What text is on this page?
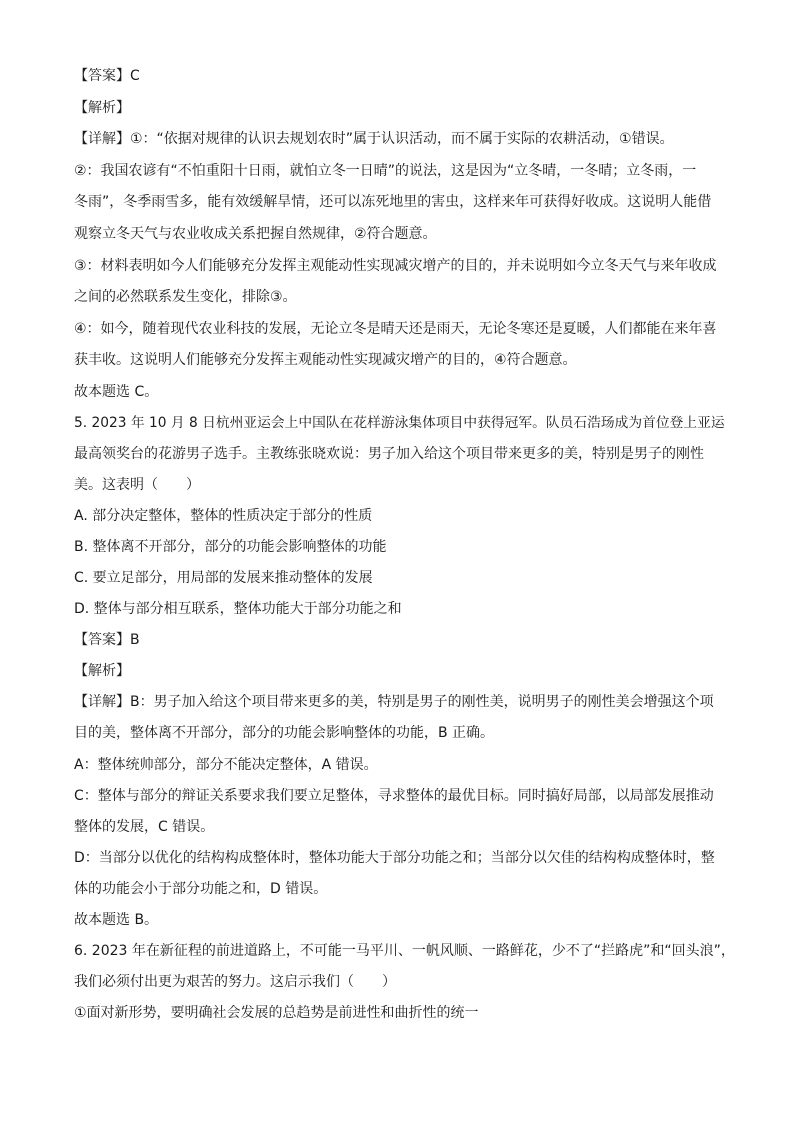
【答案】C
【解析】
【详解】①：“依据对规律的认识去规划农时”属于认识活动，而不属于实际的农耕活动，①错误。
②：我国农谚有“不怕重阳十日雨，就怕立冬一日晴”的说法，这是因为“立冬晴，一冬晴；立冬雨，一
冬雨”，冬季雨雪多，能有效缓解旱情，还可以冻死地里的害虫，这样来年可获得好收成。这说明人能借
观察立冬天气与农业收成关系把握自然规律，②符合题意。
③：材料表明如今人们能够充分发挥主观能动性实现减灾增产的目的，并未说明如今立冬天气与来年收成
之间的必然联系发生变化，排除③。
④：如今，随着现代农业科技的发展，无论立冬是晴天还是雨天，无论冬寒还是夏暖，人们都能在来年喜
获丰收。这说明人们能够充分发挥主观能动性实现减灾增产的目的，④符合题意。
故本题选 C。
5. 2023 年 10 月 8 日杭州亚运会上中国队在花样游泳集体项目中获得冠军。队员石浩玚成为首位登上亚运
最高领奖台的花游男子选手。主教练张晓欢说：男子加入给这个项目带来更多的美，特别是男子的刚性
美。这表明（　　）
A. 部分决定整体，整体的性质决定于部分的性质
B. 整体离不开部分，部分的功能会影响整体的功能
C. 要立足部分，用局部的发展来推动整体的发展
D. 整体与部分相互联系，整体功能大于部分功能之和
【答案】B
【解析】
【详解】B：男子加入给这个项目带来更多的美，特别是男子的刚性美，说明男子的刚性美会增强这个项
目的美，整体离不开部分，部分的功能会影响整体的功能，B 正确。
A：整体统帅部分，部分不能决定整体，A 错误。
C：整体与部分的辩证关系要求我们要立足整体，寻求整体的最优目标。同时搞好局部，以局部发展推动
整体的发展，C 错误。
D：当部分以优化的结构构成整体时，整体功能大于部分功能之和；当部分以欠佳的结构构成整体时，整
体的功能会小于部分功能之和，D 错误。
故本题选 B。
6. 2023 年在新征程的前进道路上，不可能一马平川、一帆风顺、一路鲜花，少不了“拦路虎”和“回头浪”，
我们必须付出更为艰苦的努力。这启示我们（　　）
①面对新形势，要明确社会发展的总趋势是前进性和曲折性的统一
